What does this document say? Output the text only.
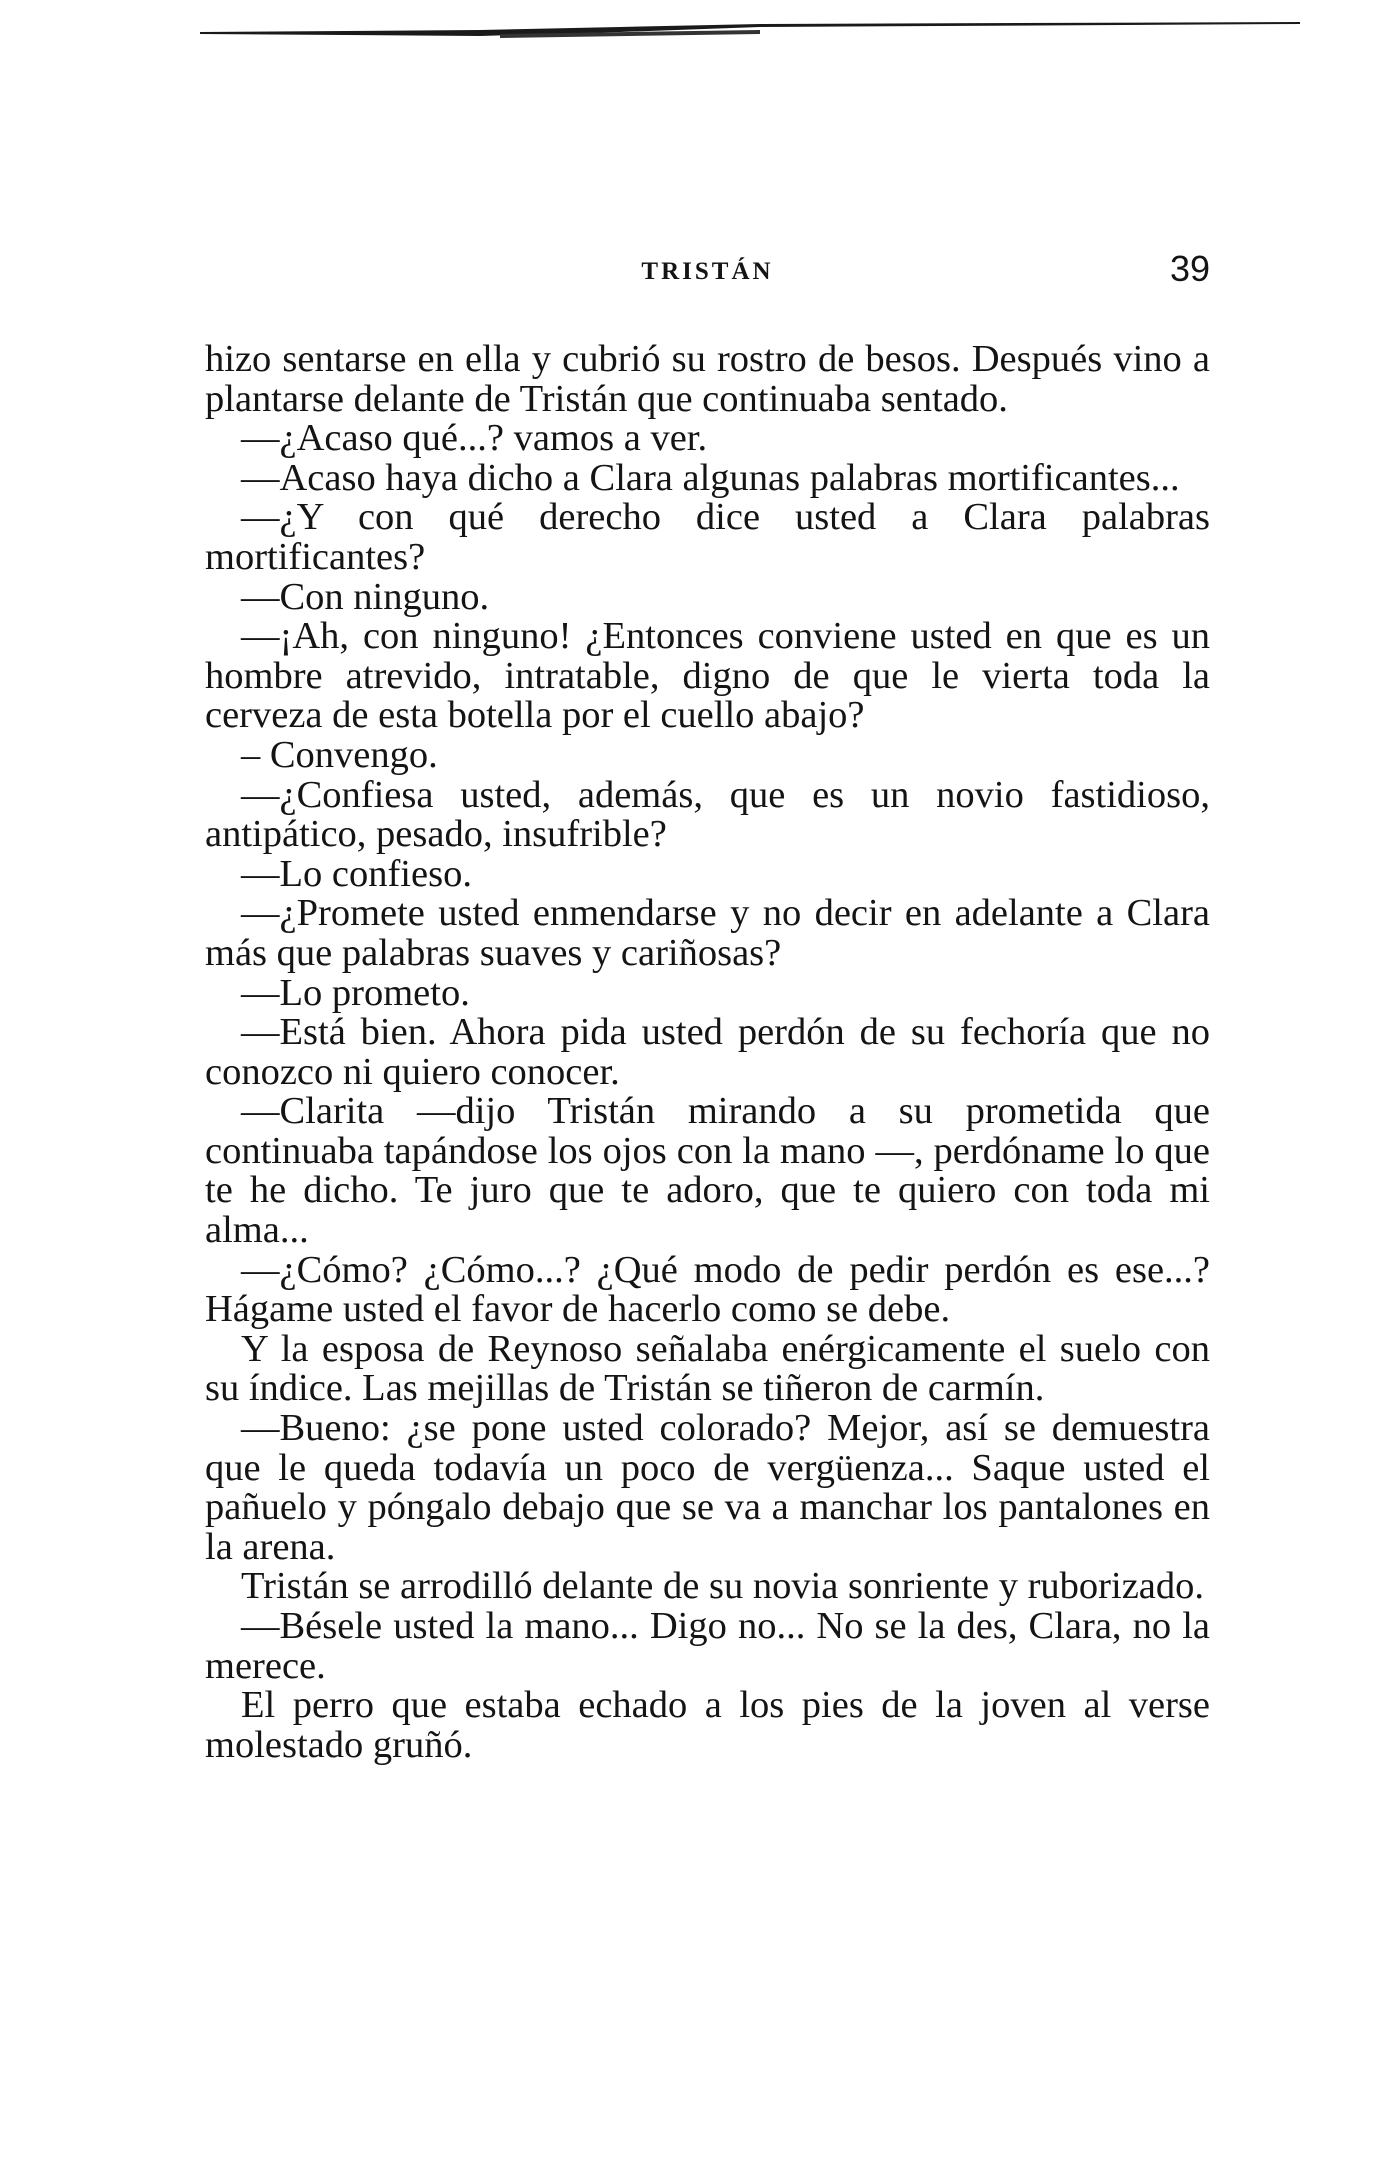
TRISTÁN	39

hizo sentarse en ella y cubrió su rostro de besos. Después vino a plantarse delante de Tristán que continuaba sentado.

—¿Acaso qué...? vamos a ver.

—Acaso haya dicho a Clara algunas palabras mortificantes...

—¿Y con qué derecho dice usted a Clara palabras mortificantes?

—Con ninguno.

—¡Ah, con ninguno! ¿Entonces conviene usted en que es un hombre atrevido, intratable, digno de que le vierta toda la cerveza de esta botella por el cuello abajo?

– Convengo.

—¿Confiesa usted, además, que es un novio fastidioso, antipático, pesado, insufrible?

—Lo confieso.

—¿Promete usted enmendarse y no decir en adelante a Clara más que palabras suaves y cariñosas?

—Lo prometo.

—Está bien. Ahora pida usted perdón de su fechoría que no conozco ni quiero conocer.

—Clarita —dijo Tristán mirando a su prometida que continuaba tapándose los ojos con la mano —, perdóname lo que te he dicho. Te juro que te adoro, que te quiero con toda mi alma...

—¿Cómo? ¿Cómo...? ¿Qué modo de pedir perdón es ese...? Hágame usted el favor de hacerlo como se debe.

Y la esposa de Reynoso señalaba enérgicamente el suelo con su índice. Las mejillas de Tristán se tiñeron de carmín.

—Bueno: ¿se pone usted colorado? Mejor, así se demuestra que le queda todavía un poco de vergüenza... Saque usted el pañuelo y póngalo debajo que se va a manchar los pantalones en la arena.

Tristán se arrodilló delante de su novia sonriente y ruborizado.

—Bésele usted la mano... Digo no... No se la des, Clara, no la merece.

El perro que estaba echado a los pies de la joven al verse molestado gruñó.
